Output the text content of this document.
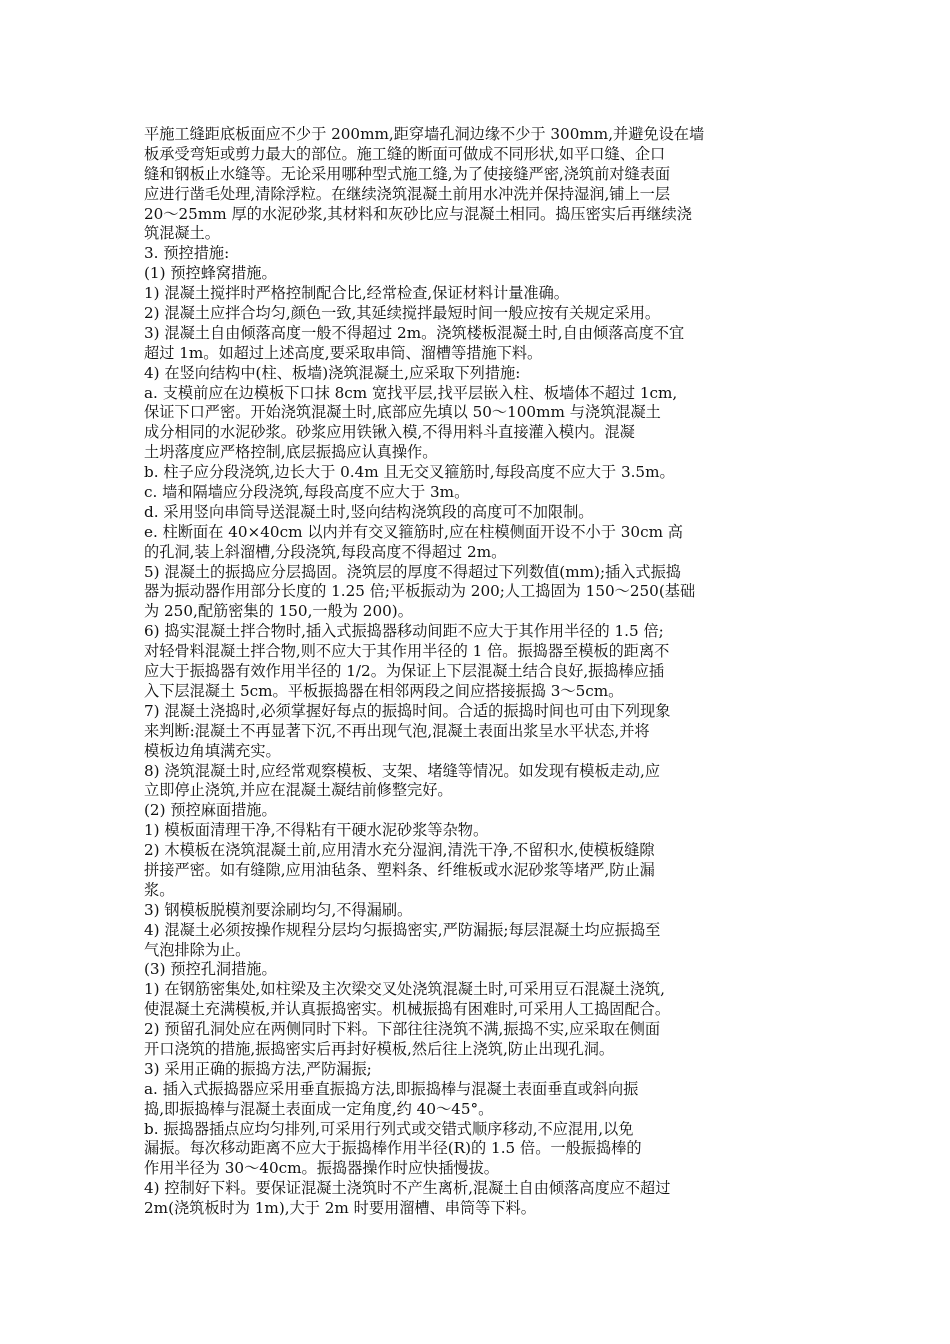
平施工缝距底板面应不少于 200mm,距穿墙孔洞边缘不少于 300mm,并避免设在墙
板承受弯矩或剪力最大的部位。施工缝的断面可做成不同形状,如平口缝、企口
缝和钢板止水缝等。无论采用哪种型式施工缝,为了使接缝严密,浇筑前对缝表面
应进行凿毛处理,清除浮粒。在继续浇筑混凝土前用水冲洗并保持湿润,铺上一层
20～25mm 厚的水泥砂浆,其材料和灰砂比应与混凝土相同。捣压密实后再继续浇
筑混凝土。
3. 预控措施:
(1) 预控蜂窝措施。
1) 混凝土搅拌时严格控制配合比,经常检查,保证材料计量准确。
2) 混凝土应拌合均匀,颜色一致,其延续搅拌最短时间一般应按有关规定采用。
3) 混凝土自由倾落高度一般不得超过 2m。浇筑楼板混凝土时,自由倾落高度不宜
超过 1m。如超过上述高度,要采取串筒、溜槽等措施下料。
4) 在竖向结构中(柱、板墙)浇筑混凝土,应采取下列措施:
a. 支模前应在边模板下口抹 8cm 宽找平层,找平层嵌入柱、板墙体不超过 1cm,
保证下口严密。开始浇筑混凝土时,底部应先填以 50～100mm 与浇筑混凝土
成分相同的水泥砂浆。砂浆应用铁锹入模,不得用料斗直接灌入模内。混凝
土坍落度应严格控制,底层振捣应认真操作。
b. 柱子应分段浇筑,边长大于 0.4m 且无交叉箍筋时,每段高度不应大于 3.5m。
c. 墙和隔墙应分段浇筑,每段高度不应大于 3m。
d. 采用竖向串筒导送混凝土时,竖向结构浇筑段的高度可不加限制。
e. 柱断面在 40×40cm 以内并有交叉箍筋时,应在柱模侧面开设不小于 30cm 高
的孔洞,装上斜溜槽,分段浇筑,每段高度不得超过 2m。
5) 混凝土的振捣应分层捣固。浇筑层的厚度不得超过下列数值(mm);插入式振捣
器为振动器作用部分长度的 1.25 倍;平板振动为 200;人工捣固为 150～250(基础
为 250,配筋密集的 150,一般为 200)。
6) 捣实混凝土拌合物时,插入式振捣器移动间距不应大于其作用半径的 1.5 倍;
对轻骨料混凝土拌合物,则不应大于其作用半径的 1 倍。振捣器至模板的距离不
应大于振捣器有效作用半径的 1/2。为保证上下层混凝土结合良好,振捣棒应插
入下层混凝土 5cm。平板振捣器在相邻两段之间应搭接振捣 3～5cm。
7) 混凝土浇捣时,必须掌握好每点的振捣时间。合适的振捣时间也可由下列现象
来判断:混凝土不再显著下沉,不再出现气泡,混凝土表面出浆呈水平状态,并将
模板边角填满充实。
8) 浇筑混凝土时,应经常观察模板、支架、堵缝等情况。如发现有模板走动,应
立即停止浇筑,并应在混凝土凝结前修整完好。
(2) 预控麻面措施。
1) 模板面清理干净,不得粘有干硬水泥砂浆等杂物。
2) 木模板在浇筑混凝土前,应用清水充分湿润,清洗干净,不留积水,使模板缝隙
拼接严密。如有缝隙,应用油毡条、塑料条、纤维板或水泥砂浆等堵严,防止漏
浆。
3) 钢模板脱模剂要涂刷均匀,不得漏刷。
4) 混凝土必须按操作规程分层均匀振捣密实,严防漏振;每层混凝土均应振捣至
气泡排除为止。
(3) 预控孔洞措施。
1) 在钢筋密集处,如柱梁及主次梁交叉处浇筑混凝土时,可采用豆石混凝土浇筑,
使混凝土充满模板,并认真振捣密实。机械振捣有困难时,可采用人工捣固配合。
2) 预留孔洞处应在两侧同时下料。下部往往浇筑不满,振捣不实,应采取在侧面
开口浇筑的措施,振捣密实后再封好模板,然后往上浇筑,防止出现孔洞。
3) 采用正确的振捣方法,严防漏振;
a. 插入式振捣器应采用垂直振捣方法,即振捣棒与混凝土表面垂直或斜向振
捣,即振捣棒与混凝土表面成一定角度,约 40～45°。
b. 振捣器插点应均匀排列,可采用行列式或交错式顺序移动,不应混用,以免
漏振。每次移动距离不应大于振捣棒作用半径(R)的 1.5 倍。一般振捣棒的
作用半径为 30～40cm。振捣器操作时应快插慢拔。
4) 控制好下料。要保证混凝土浇筑时不产生离析,混凝土自由倾落高度应不超过
2m(浇筑板时为 1m),大于 2m 时要用溜槽、串筒等下料。
